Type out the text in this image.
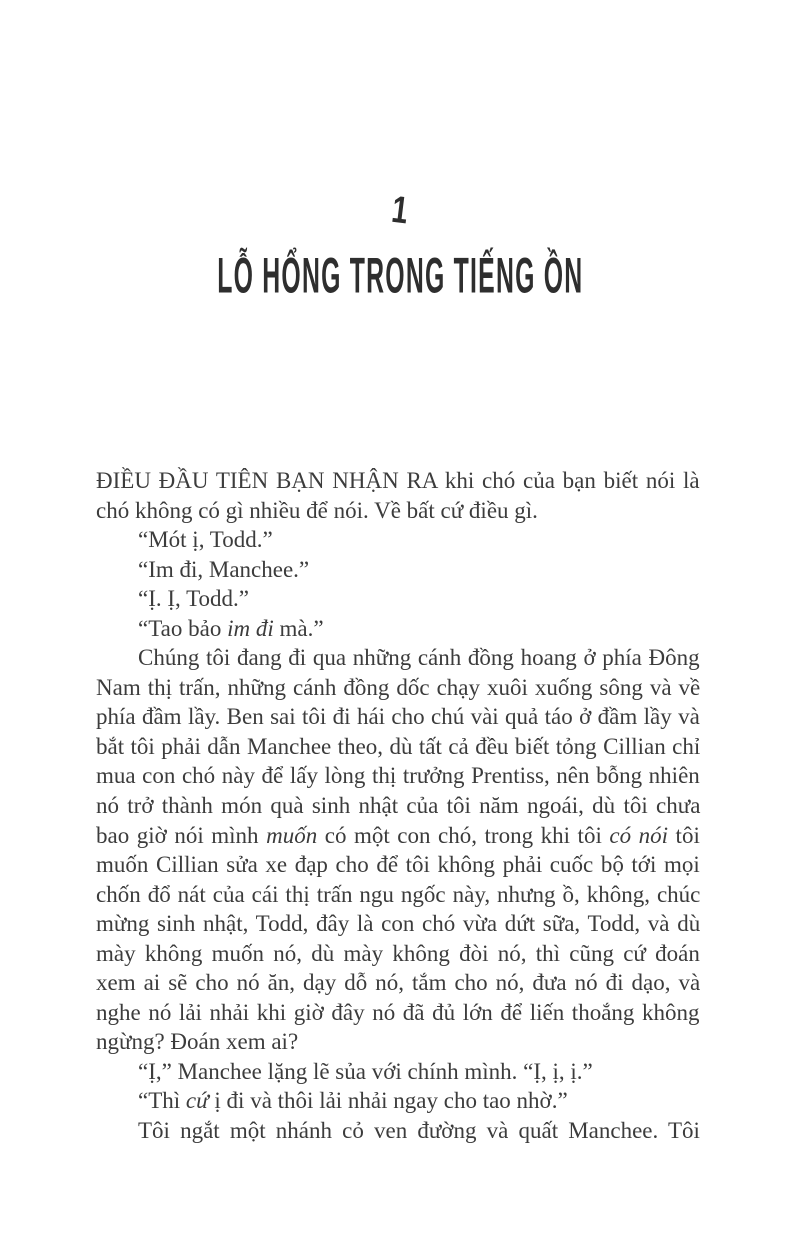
1
LỖ HỔNG TRONG TIẾNG ỒN
ĐIỀU ĐẦU TIÊN BẠN NHẬN RA khi chó của bạn biết nói là
chó không có gì nhiều để nói. Về bất cứ điều gì.
“Mót ị, Todd.”
“Im đi, Manchee.”
“Ị. Ị, Todd.”
“Tao bảo im đi mà.”
Chúng tôi đang đi qua những cánh đồng hoang ở phía Đông
Nam thị trấn, những cánh đồng dốc chạy xuôi xuống sông và về
phía đầm lầy. Ben sai tôi đi hái cho chú vài quả táo ở đầm lầy và
bắt tôi phải dẫn Manchee theo, dù tất cả đều biết tỏng Cillian chỉ
mua con chó này để lấy lòng thị trưởng Prentiss, nên bỗng nhiên
nó trở thành món quà sinh nhật của tôi năm ngoái, dù tôi chưa
bao giờ nói mình muốn có một con chó, trong khi tôi có nói tôi
muốn Cillian sửa xe đạp cho để tôi không phải cuốc bộ tới mọi
chốn đổ nát của cái thị trấn ngu ngốc này, nhưng ồ, không, chúc
mừng sinh nhật, Todd, đây là con chó vừa dứt sữa, Todd, và dù
mày không muốn nó, dù mày không đòi nó, thì cũng cứ đoán
xem ai sẽ cho nó ăn, dạy dỗ nó, tắm cho nó, đưa nó đi dạo, và
nghe nó lải nhải khi giờ đây nó đã đủ lớn để liến thoắng không
ngừng? Đoán xem ai?
“Ị,” Manchee lặng lẽ sủa với chính mình. “Ị, ị, ị.”
“Thì cứ ị đi và thôi lải nhải ngay cho tao nhờ.”
Tôi ngắt một nhánh cỏ ven đường và quất Manchee. Tôi
